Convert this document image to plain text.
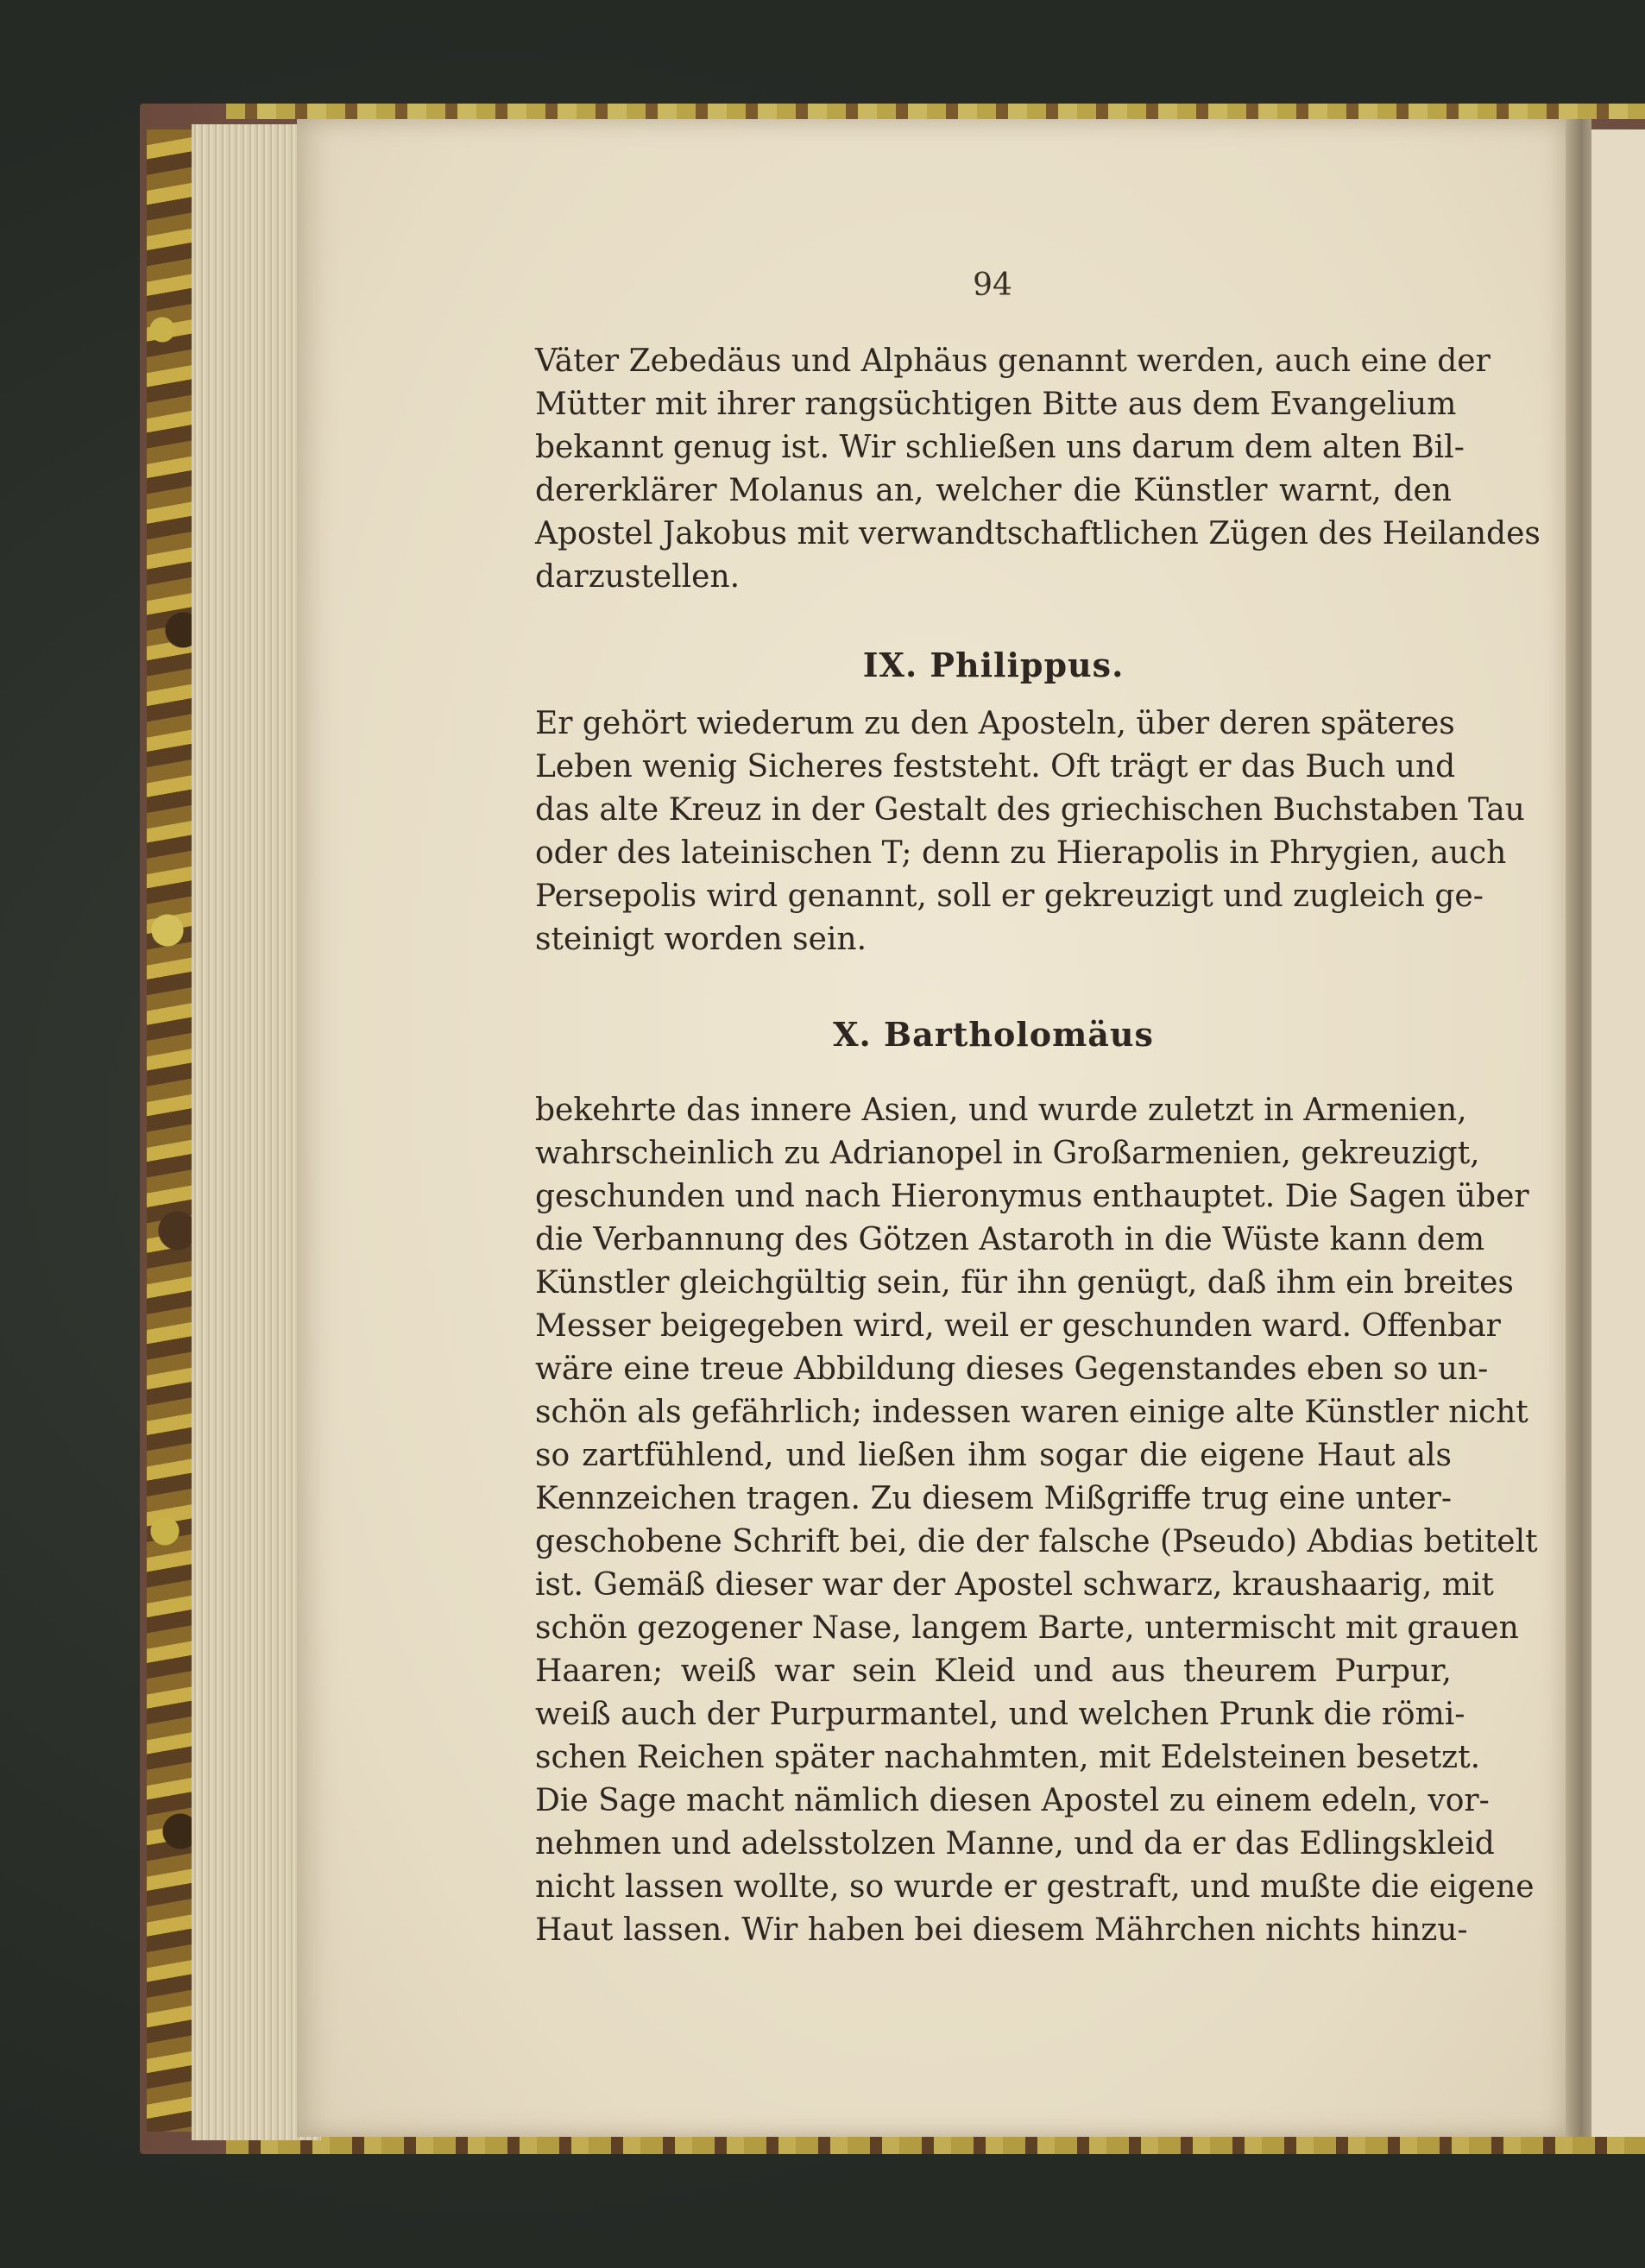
94
Väter Zebedäus und Alphäus genannt werden, auch eine der
Mütter mit ihrer rangsüchtigen Bitte aus dem Evangelium
bekannt genug ist. Wir schließen uns darum dem alten Bil-
dererklärer Molanus an, welcher die Künstler warnt, den
Apostel Jakobus mit verwandtschaftlichen Zügen des Heilandes
darzustellen.
IX. Philippus.
Er gehört wiederum zu den Aposteln, über deren späteres
Leben wenig Sicheres feststeht. Oft trägt er das Buch und
das alte Kreuz in der Gestalt des griechischen Buchstaben Tau
oder des lateinischen T; denn zu Hierapolis in Phrygien, auch
Persepolis wird genannt, soll er gekreuzigt und zugleich ge-
steinigt worden sein.
X. Bartholomäus
bekehrte das innere Asien, und wurde zuletzt in Armenien,
wahrscheinlich zu Adrianopel in Großarmenien, gekreuzigt,
geschunden und nach Hieronymus enthauptet. Die Sagen über
die Verbannung des Götzen Astaroth in die Wüste kann dem
Künstler gleichgültig sein, für ihn genügt, daß ihm ein breites
Messer beigegeben wird, weil er geschunden ward. Offenbar
wäre eine treue Abbildung dieses Gegenstandes eben so un-
schön als gefährlich; indessen waren einige alte Künstler nicht
so zartfühlend, und ließen ihm sogar die eigene Haut als
Kennzeichen tragen. Zu diesem Mißgriffe trug eine unter-
geschobene Schrift bei, die der falsche (Pseudo) Abdias betitelt
ist. Gemäß dieser war der Apostel schwarz, kraushaarig, mit
schön gezogener Nase, langem Barte, untermischt mit grauen
Haaren; weiß war sein Kleid und aus theurem Purpur,
weiß auch der Purpurmantel, und welchen Prunk die römi-
schen Reichen später nachahmten, mit Edelsteinen besetzt.
Die Sage macht nämlich diesen Apostel zu einem edeln, vor-
nehmen und adelsstolzen Manne, und da er das Edlingskleid
nicht lassen wollte, so wurde er gestraft, und mußte die eigene
Haut lassen. Wir haben bei diesem Mährchen nichts hinzu-
